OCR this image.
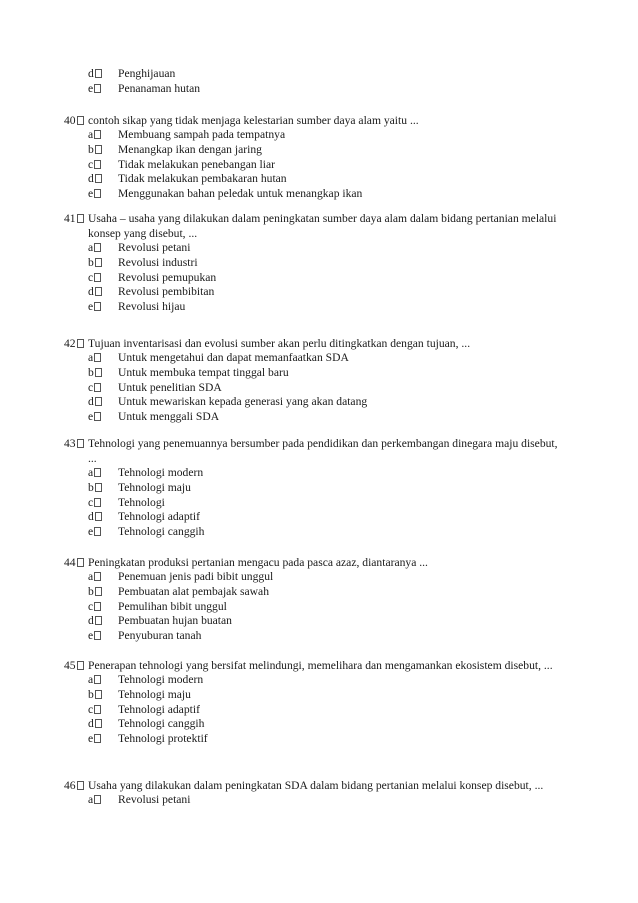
d	Penghijauan
e	Penanaman hutan
40	contoh sikap yang tidak menjaga kelestarian sumber daya alam yaitu ...
a	Membuang sampah pada tempatnya
b	Menangkap ikan dengan jaring
c	Tidak melakukan penebangan liar
d	Tidak melakukan pembakaran hutan
e	Menggunakan bahan peledak untuk menangkap ikan
41	Usaha – usaha yang dilakukan dalam peningkatan sumber daya alam dalam bidang pertanian melalui konsep yang disebut, ...
a	Revolusi petani
b	Revolusi industri
c	Revolusi pemupukan
d	Revolusi pembibitan
e	Revolusi hijau
42	Tujuan inventarisasi dan evolusi sumber akan perlu ditingkatkan dengan tujuan, ...
a	Untuk mengetahui dan dapat memanfaatkan SDA
b	Untuk membuka tempat tinggal baru
c	Untuk penelitian SDA
d	Untuk mewariskan kepada generasi yang akan datang
e	Untuk menggali SDA
43	Tehnologi yang penemuannya bersumber pada pendidikan dan perkembangan dinegara maju disebut, ...
a	Tehnologi modern
b	Tehnologi maju
c	Tehnologi
d	Tehnologi adaptif
e	Tehnologi canggih
44	Peningkatan produksi pertanian mengacu pada pasca azaz, diantaranya ...
a	Penemuan jenis padi bibit unggul
b	Pembuatan alat pembajak sawah
c	Pemulihan bibit unggul
d	Pembuatan hujan buatan
e	Penyuburan tanah
45	Penerapan tehnologi yang bersifat melindungi, memelihara dan mengamankan ekosistem disebut, ...
a	Tehnologi modern
b	Tehnologi maju
c	Tehnologi adaptif
d	Tehnologi canggih
e	Tehnologi protektif
46	Usaha yang dilakukan dalam peningkatan SDA dalam bidang pertanian melalui konsep disebut, ...
a	Revolusi petani
